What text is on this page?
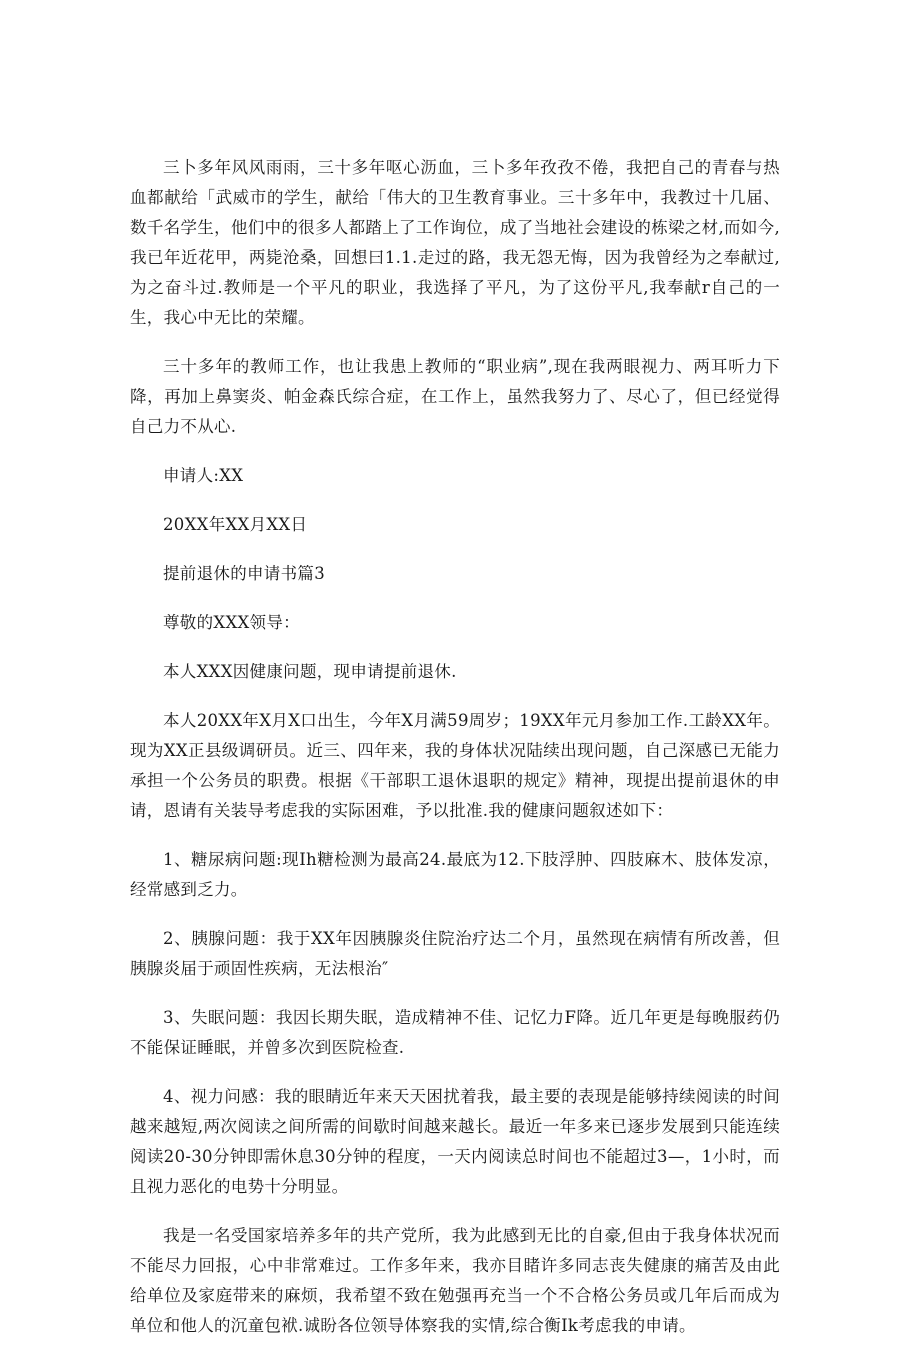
三卜多年风风雨雨，三十多年呕心沥血，三卜多年孜孜不倦，我把自己的青春与热血都献给「武威市的学生，献给「伟大的卫生教育事业。三十多年中，我教过十几届、数千名学生，他们中的很多人都踏上了工作询位，成了当地社会建设的栋梁之材,而如今,我已年近花甲，两毙沧桑，回想曰1.1.走过的路，我无怨无悔，因为我曾经为之奉献过,为之奋斗过.教师是一个平凡的职业，我选择了平凡，为了这份平凡,我奉献r自己的一生，我心中无比的荣耀。

三十多年的教师工作，也让我患上教师的“职业病”,现在我两眼视力、两耳听力下降，再加上鼻窦炎、帕金森氏综合症，在工作上，虽然我努力了、尽心了，但已经觉得自己力不从心.

申请人:XX

20XX年XX月XX日

提前退休的申请书篇3

尊敬的XXX领导：

本人XXX因健康问题，现申请提前退休.

本人20XX年X月X口出生，今年X月满59周岁；19XX年元月参加工作.工龄XX年。现为XX正县级调研员。近三、四年来，我的身体状况陆续出现问题，自己深感已无能力承担一个公务员的职费。根据《干部职工退休退职的规定》精神，现提出提前退休的申请，恩请有关装导考虑我的实际困难，予以批准.我的健康问题叙述如下：

1、糖尿病问题:现Ih糖检测为最高24.最底为12.下肢浮肿、四肢麻木、肢体发凉，经常感到乏力。

2、胰腺问题：我于XX年因胰腺炎住院治疗达二个月，虽然现在病情有所改善，但胰腺炎届于顽固性疾病，无法根治″

3、失眠问题：我因长期失眠，造成精神不佳、记忆力F降。近几年更是每晚服药仍不能保证睡眠，并曾多次到医院检查.

4、视力问感：我的眼睛近年来天天困扰着我，最主要的表现是能够持续阅读的时间越来越短,两次阅读之间所需的间歇时间越来越长。最近一年多来已逐步发展到只能连续阅读20-30分钟即需休息30分钟的程度，一天内阅读总时间也不能超过3—，1小时，而且视力恶化的电势十分明显。

我是一名受国家培养多年的共产党所，我为此感到无比的自豪,但由于我身体状况而不能尽力回报，心中非常难过。工作多年来，我亦目睹许多同志丧失健康的痛苦及由此给单位及家庭带来的麻烦，我希望不致在勉强再充当一个不合格公务员或几年后而成为单位和他人的沉童包袱.诚盼各位领导体察我的实情,综合衡Ik考虑我的申请。
